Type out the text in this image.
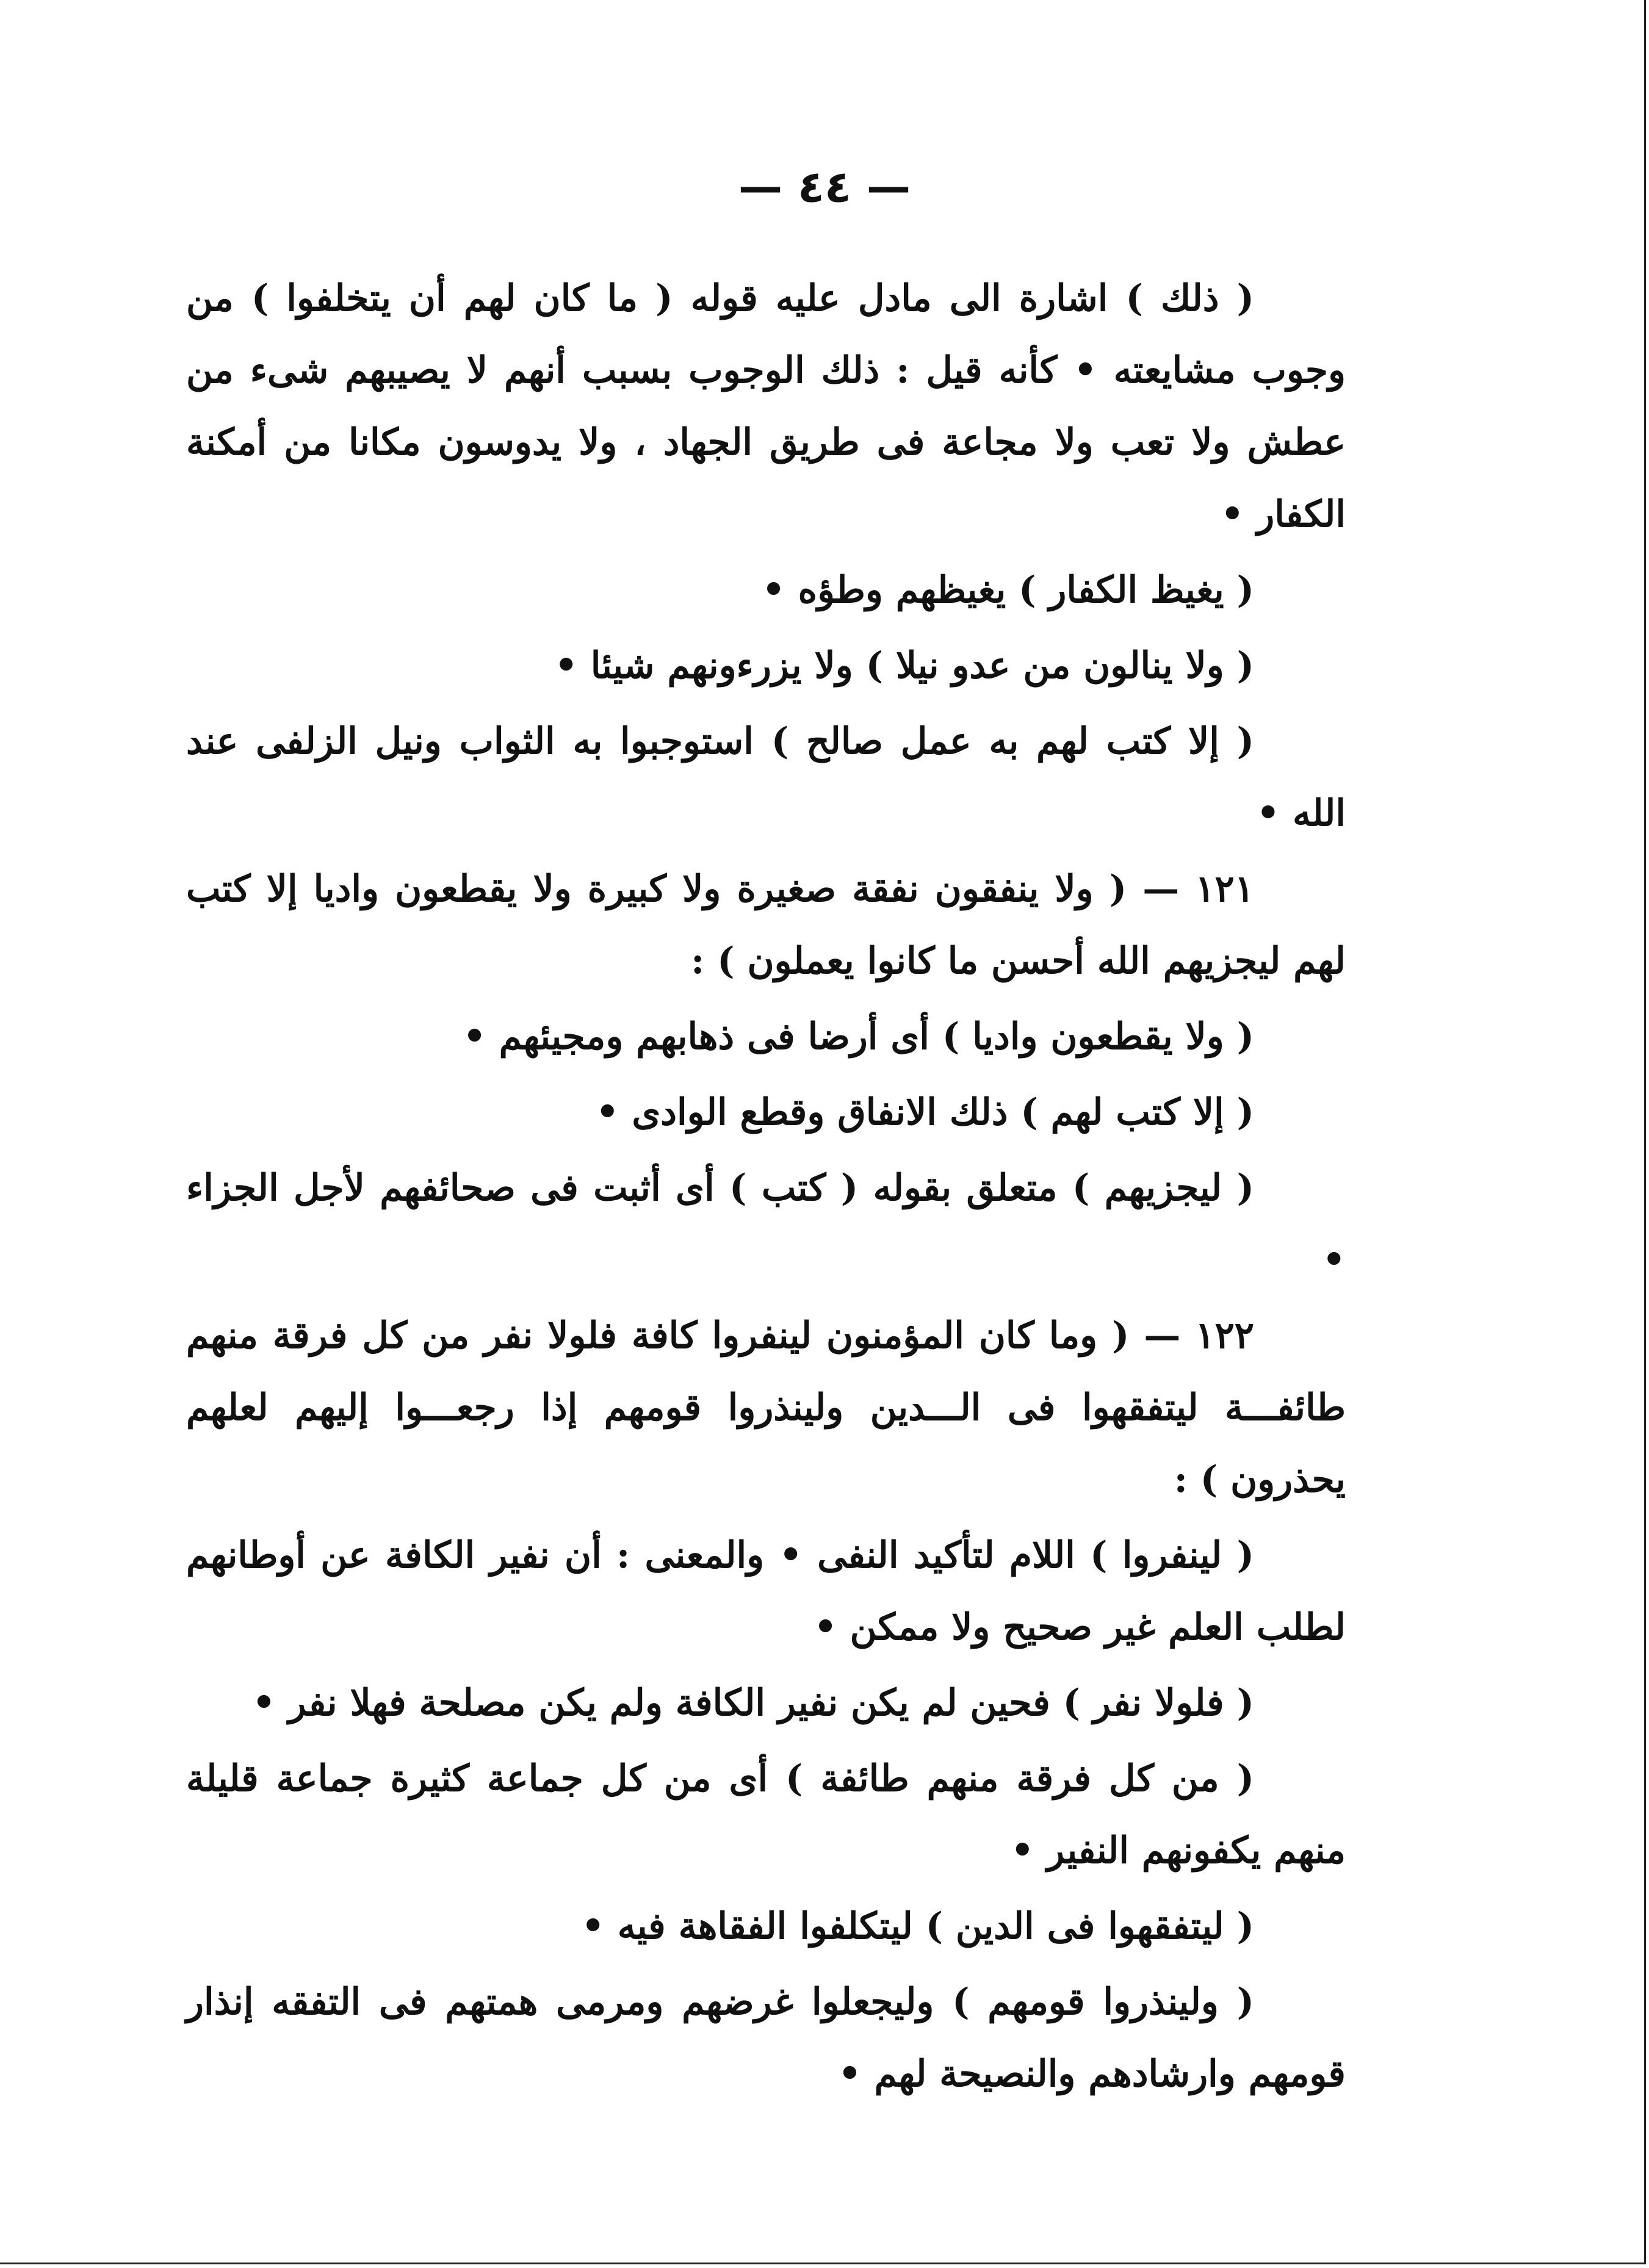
— ٤٤ —

( ذلك ) اشارة الى مادل عليه قوله ( ما كان لهم أن يتخلفوا ) من وجوب مشايعته • كأنه قيل : ذلك الوجوب بسبب أنهم لا يصيبهم شىء من عطش ولا تعب ولا مجاعة فى طريق الجهاد ، ولا يدوسون مكانا من أمكنة الكفار •

( يغيظ الكفار ) يغيظهم وطؤه •

( ولا ينالون من عدو نيلا ) ولا يزرءونهم شيئا •

( إلا كتب لهم به عمل صالح ) استوجبوا به الثواب ونيل الزلفى عند الله •

١٢١ — ( ولا ينفقون نفقة صغيرة ولا كبيرة ولا يقطعون واديا إلا كتب لهم ليجزيهم الله أحسن ما كانوا يعملون ) :

( ولا يقطعون واديا ) أى أرضا فى ذهابهم ومجيئهم •

( إلا كتب لهم ) ذلك الانفاق وقطع الوادى •

( ليجزيهم ) متعلق بقوله ( كتب ) أى أثبت فى صحائفهم لأجل الجزاء •

١٢٢ — ( وما كان المؤمنون لينفروا كافة فلولا نفر من كل فرقة منهم طائفـــة ليتفقهوا فى الـــدين ولينذروا قومهم إذا رجعـــوا إليهم لعلهم يحذرون ) :

( لينفروا ) اللام لتأكيد النفى • والمعنى : أن نفير الكافة عن أوطانهم لطلب العلم غير صحيح ولا ممكن •

( فلولا نفر ) فحين لم يكن نفير الكافة ولم يكن مصلحة فهلا نفر •

( من كل فرقة منهم طائفة ) أى من كل جماعة كثيرة جماعة قليلة منهم يكفونهم النفير •

( ليتفقهوا فى الدين ) ليتكلفوا الفقاهة فيه •

( ولينذروا قومهم ) وليجعلوا غرضهم ومرمى همتهم فى التفقه إنذار قومهم وارشادهم والنصيحة لهم •
